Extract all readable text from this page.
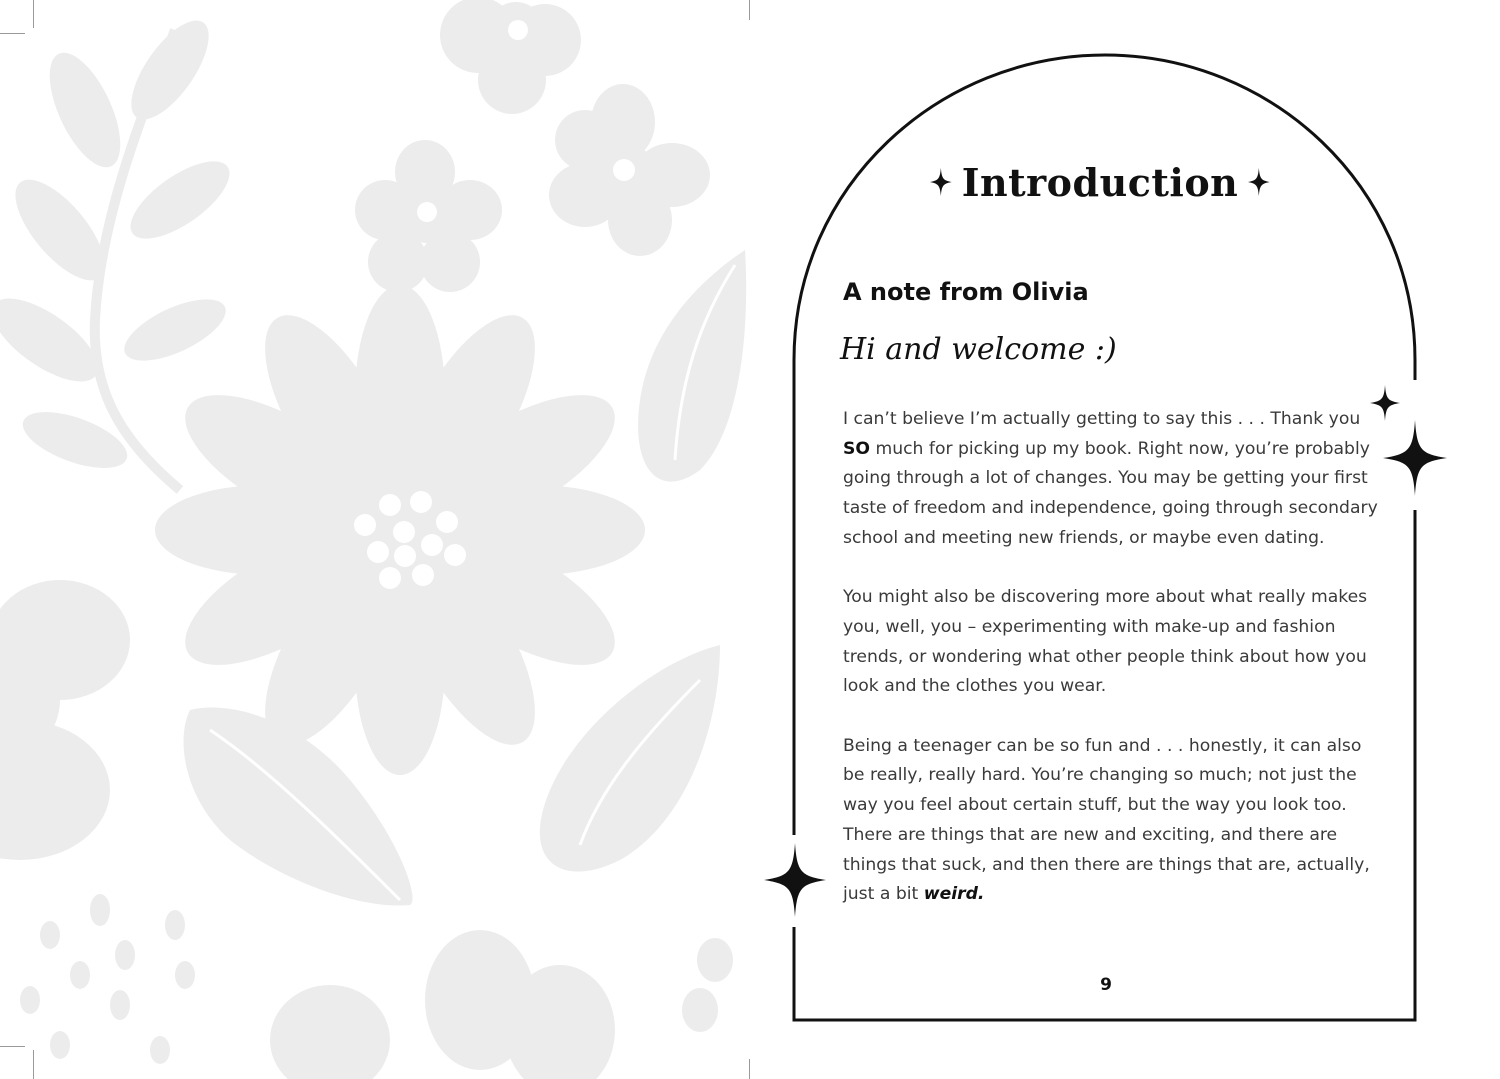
Introduction
A note from Olivia
Hi and welcome :)

I can’t believe I’m actually getting to say this . . . Thank you SO much for picking up my book. Right now, you’re probably going through a lot of changes. You may be getting your first taste of freedom and independence, going through secondary school and meeting new friends, or maybe even dating.

You might also be discovering more about what really makes you, well, you – experimenting with make-up and fashion trends, or wondering what other people think about how you look and the clothes you wear.

Being a teenager can be so fun and . . . honestly, it can also be really, really hard. You’re changing so much; not just the way you feel about certain stuff, but the way you look too. There are things that are new and exciting, and there are things that suck, and then there are things that are, actually, just a bit weird.

9
